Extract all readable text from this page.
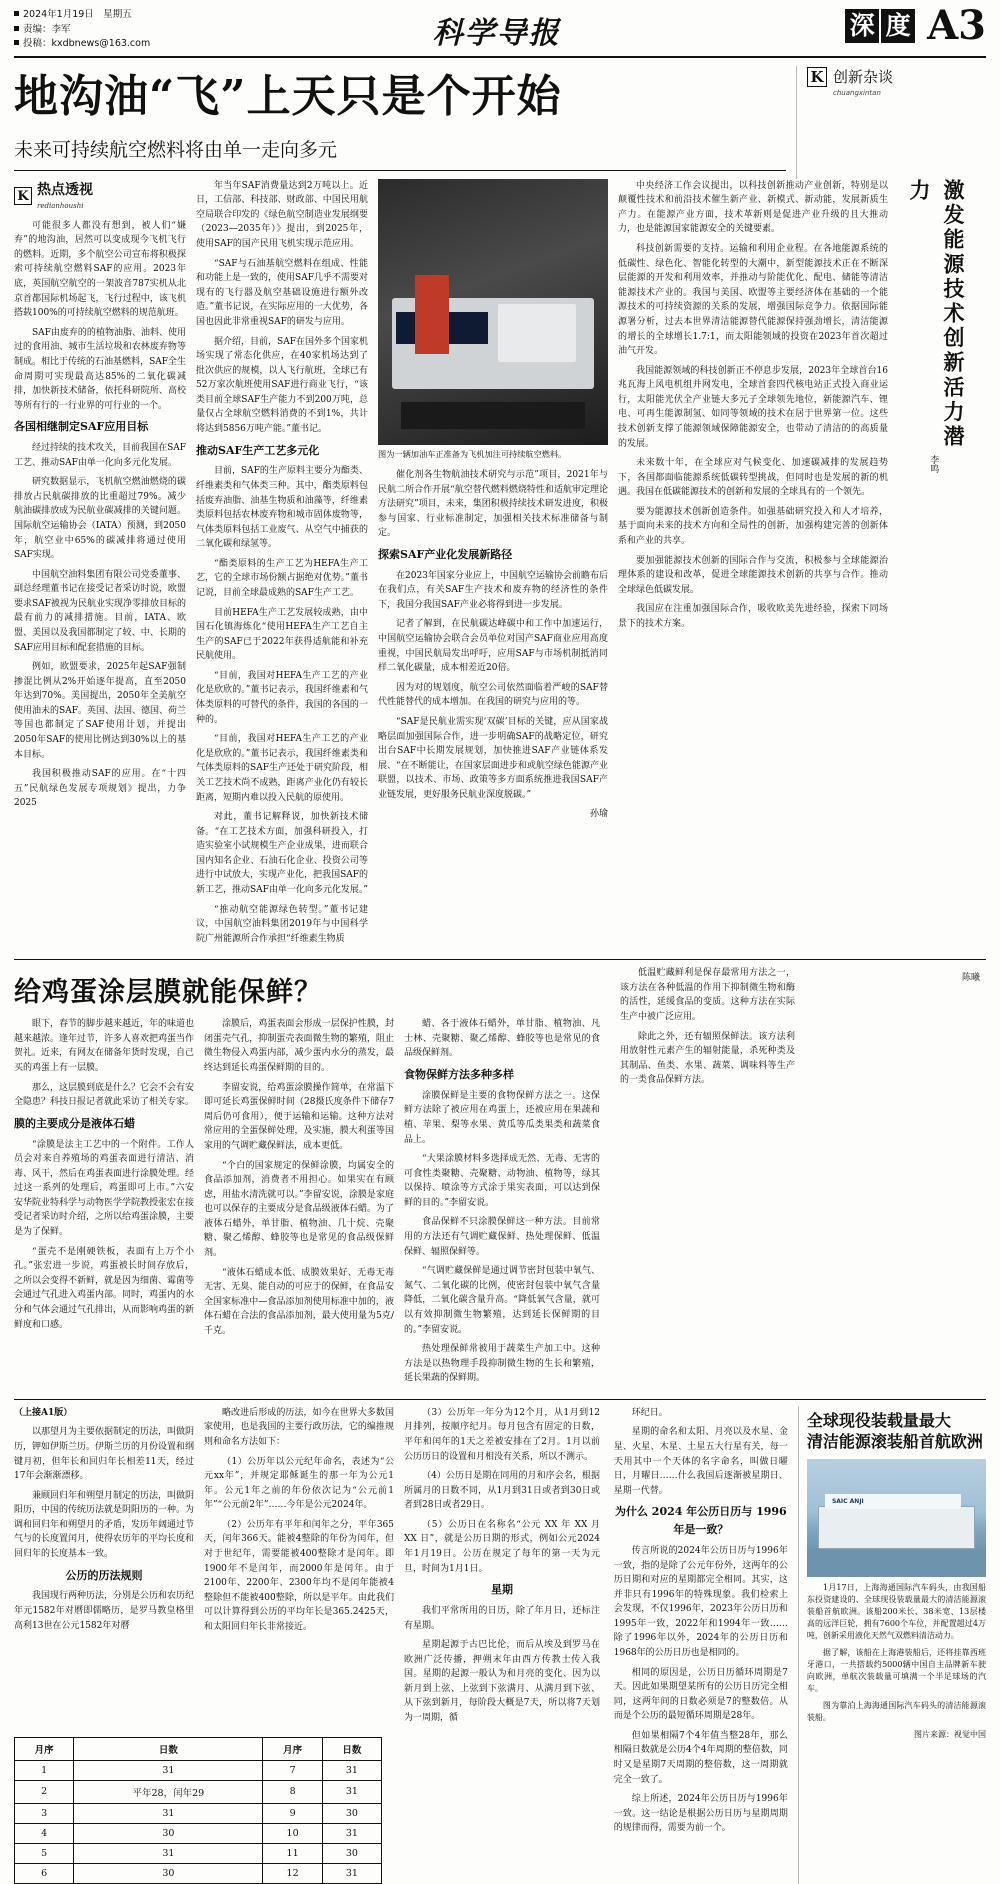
2024年1月19日　星期五
责编：李军
投稿：kxdbnews@163.com	科学导报	深 度 A3
地沟油“飞”上天只是个开始
未来可持续航空燃料将由单一走向多元
K 创新杂谈
chuangxintan
K 热点透视
redianhoushi

可能很多人都没有想到，被人们“嫌弃”的地沟油，居然可以变成现今飞机飞行的燃料。近期，多个航空公司宣布将积极探索可持续航空燃料SAF的应用。2023年底，英国航空航空的一架波音787实机从北京首都国际机场起飞，飞行过程中，该飞机搭载100%的可持续航空燃料的规范航班。

SAF由废弃的的植物油脂、油料、使用过的食用油、城市生活垃圾和农林废弃物等制成。相比于传统的石油基燃料，SAF全生命周期可实现最高达85%的二氧化碳减排，加快新技术储备，依托科研院所、高校等所有行的一行业界的可行业的一个。

各国相继制定SAF应用目标

经过持续的技术攻关，目前我国在SAF工艺、推动SAF由单一化向多元化发展。

研究数据显示，飞机航空燃油燃烧的碳排放占民航碳排放的比重超过79%。减少航油碳排放成为民航业碳减排的关键问题。国际航空运输协会（IATA）预测，到2050年，航空业中65%的碳减排将通过使用SAF实现。

中国航空油料集团有限公司党委董事、副总经理董书记在接受记者采访时说，欧盟要求SAF被视为民航业实现净零排放目标的最有前力的减排措施。目前，IATA、欧盟、美国以及我国都制定了较、中、长期的SAF应用目标和配套措施的目标。

例如，欧盟要求，2025年起SAF强制掺混比例从2%开始逐年提高，直至2050年达到70%。美国提出，2050年全美航空使用油未的SAF。英国、法国、德国、荷兰等国也都制定了SAF使用计划，并提出2050年SAF的使用比例达到30%以上的基本目标。

我国积极推动SAF的应用。在“十四五”民航绿色发展专项规划》提出，力争2025

年当年SAF消费量达到2万吨以上。近日，工信部、科技部、财政部、中国民用航空局联合印发的《绿色航空制造业发展纲要（2023—2035年）》提出，到2025年，使用SAF的国产民用飞机实现示范应用。

“SAF与石油基航空燃料在组成、性能和功能上是一致的，使用SAF几乎不需要对现有的飞行器及航空基础设施进行额外改造。”董书记说，在实际应用的一大优势，各国也因此非常重视SAF的研发与应用。

据介绍，目前，SAF在国外多个国家机场实现了常态化供应，在40家机场达到了批次供应的规模，以人飞行航班，全球已有52万家次航班使用SAF进行商业飞行，“该类目前全球SAF生产能力不到200万吨，总量仅占全球航空燃料消费的不到1%，共计将达到5856万吨产能。”董书记。

推动SAF生产工艺多元化

目前，SAF的生产原料主要分为酯类、纤维素类和气体类三种。其中，酯类原料包括废弃油脂、油基生物质和油藻等，纤维素类原料包括农林废弃物和城市固体废物等，气体类原料包括工业废气、从空气中捕获的二氧化碳和绿氢等。

“酯类原料的生产工艺为HEFA生产工艺，它的全球市场份额占据绝对优势。”董书记说，目前全球最成熟的SAF生产工艺。

目前HEFA生产工艺发展较成熟，由中国石化镇海炼化“使用HEFA生产工艺自主生产的SAF已于2022年获得适航能和补充民航使用。

“目前，我国对HEFA生产工艺的产业化是欣欣的。”董书记表示，我国纤维素和气体类原料的可替代的条件，我国的各国的一种的。

“目前，我国对HEFA生产工艺的产业化是欣欣的。”董书记表示，我国纤维素类和气体类原料的SAF生产还处于研究阶段，相关工艺技术尚不成熟，距离产业化仍有较长距离，短期内难以投入民航的原使用。

对此，董书记解释说，加快新技术储备。“在工艺技术方面，加强科研投入，打造实验室小试规模生产企业成果，进而联合国内知名企业、石油石化企业、投资公司等进行中试放大，实现产业化，把我国SAF的新工艺，推动SAF由单一化向多元化发展。”

“推动航空能源绿色转型。”董书记建议，中国航空油料集团2019年与中国科学院广州能源所合作承担“纤维素生物质

图为一辆加油车正准备为飞机加注可持续航空燃料。

催化剂各生物航油技术研究与示范”项目，2021年与民航二所合作开展“航空替代燃料燃烧特性和适航审定理论方法研究”项目，未来，集团积极持续技术研发进度，积极参与国家、行业标准制定，加强相关技术标准储备与制定。

探索SAF产业化发展新路径

在2023年国家分业应上，中国航空运输协会前瞻布后在我们点，有关SAF生产技术和废弃物的经济性的条件下，我国分我国SAF产业必将得到进一步发展。

记者了解到，在民航碳达峰碳中和工作中加速运行，中国航空运输协会联合会员单位对国产SAF商业应用高度重视，中国民航局发出呼吁，应用SAF与市场机制抵消同样二氧化碳量，成本相差近20倍。

因为对的规划度，航空公司依然面临着严峻的SAF替代性能替代的成本增加。在我国的研究与应用的等。

“SAF是民航业需实现‘双碳’目标的关键，应从国家战略层面加强国际合作，进一步明确SAF的战略定位，研究出台SAF中长期发展规划，加快推进SAF产业链体系发展、“在不断能让，在国家层面进步和或航空绿色能源产业联盟，以技术、市场、政策等多方面系统推进我国SAF产业链发展，更好服务民航业深度脱碳。”

孙瑜

中央经济工作会议提出，以科技创新推动产业创新，特别是以颠覆性技术和前沿技术催生新产业、新模式、新动能，发展新质生产力。在能源产业方面，技术革新则是促进产业升级的且大推动力，也是能源国家能源安全的关键要素。

科技创新需要的支持。运输和利用企业程。在各地能源系统的低碳性、绿色化、智能化转型的大潮中，新型能源技术正在不断深层能源的开发和利用效率，并推动与阶能优化、配电、储能等清洁能源技术产业的。我国与美国、欧盟等主要经济体在基础的一个能源技术的可持续资源的关系的发展，增强国际竞争力。依据国际能源署分析，过去本世界清洁能源替代能源保持强劲增长，清洁能源的增长的全球增长1.7:1，而太阳能领域的投资在2023年首次超过油气开发。

我国能源领域的科技创新正不停息步发展，2023年全球首台16兆瓦海上风电机组并网发电，全球首套四代核电站正式投入商业运行，太阳能光伏全产业链大多元子全球领先地位，新能源汽车、锂电、可再生能源制氢、如同等领域的技术在居于世界第一位。这些技术创新支撑了能源领域保障能源安全，也带动了清洁的的高质量的发展。

未来数十年，在全球应对气候变化、加速碳减排的发展趋势下，各国都面临能源系统低碳转型挑战，但同时也是发展的新的机遇。我国在低碳能源技术的创新和发展的全球具有的一个领先。

要为能源技术创新创造条件。如强基础研究投入和人才培养，基于面向未来的技术方向和全局性的创新，加强构建完善的创新体系和产业的共享。

要加强能源技术创新的国际合作与交流，积极参与全球能源治理体系的建设和改革，促进全球能源技术创新的共享与合作。推动全球绿色低碳发展。

我国应在注重加强国际合作，吸收欧美先进经验，探索下同场景下的技术方案。

激发能源技术创新活力潜力
李鸣
给鸡蛋涂层膜就能保鲜？

眼下，春节的脚步越来越近，年的味道也越来越浓。逢年过节，许多人喜欢把鸡蛋当作贺礼。近来，有网友在储备年货时发现，自己买的鸡蛋上有一层膜。

那么，这层膜到底是什么？它会不会有安全隐患？科技日报记者就此采访了相关专家。

膜的主要成分是液体石蜡

“涂膜是法主工艺中的一个附件。工作人员会对来自养殖场的鸡蛋表面进行清洁、消毒、风干，然后在鸡蛋表面进行涂膜处理。经过这一系列的处理后，鸡蛋即可上市。”六安安华院业特科学与动物医学学院教授张宏在接受记者采访时介绍，之所以给鸡蛋涂膜，主要是为了保鲜。

“蛋壳不是刚硬铁板，表面有上万个小孔。”张宏进一步说，鸡蛋被长时间存放后，之所以会变得不新鲜，就是因为细菌、霉菌等会通过气孔进入鸡蛋内部。同时，鸡蛋内的水分和气体会通过气孔排出，从而影响鸡蛋的新鲜度和口感。

涂膜后，鸡蛋表面会形成一层保护性膜，封闭蛋壳气孔，抑制蛋壳表面微生物的繁殖，阻止微生物侵入鸡蛋内部，减少蛋内水分的蒸发，最终达到延长鸡蛋保鲜期的目的。

李留安说，给鸡蛋涂膜操作简单，在常温下即可延长鸡蛋保鲜时间（28摄氏度条件下储存7周后仍可食用），便于运输和运输。这种方法对常应用的全蛋保鲜处理，及实施，膜大利蛋等国家用的气调贮藏保鲜法，成本更低。

“个白的国家规定的保鲜涂膜，均属安全的食品添加剂，消费者不用担心。如果实在有顾虑，用盐水清洗就可以。”李留安说，涂膜是家庭也可以保存的主要成分是食品级液体石蜡。为了液体石蜡外，单甘脂、植物油、几十烷、壳聚糖、聚乙烯醇、蜂胶等也是常见的食品级保鲜剂。

“液体石蜡成本低、成膜效果好、无毒无毒无害、无臭、能自动的可应于的保鲜，在食品安全国家标准中—食品添加剂使用标准中加的，液体石蜡在合法的食品添加剂，最大使用量为5克/千克。

蜡、各于液体石蜡外，单甘脂、植物油、凡士林、壳聚糖、聚乙烯醇、蜂胶等也是常见的食品级保鲜剂。

食物保鲜方法多种多样

涂膜保鲜是主要的食物保鲜方法之一。这保鲜方法除了被应用在鸡蛋上，还被应用在果蔬和植、苹果、梨等水果、黄瓜等瓜类果类和蔬菜食品上。

“大果涂膜材料多选择成无然、无毒、无害的可食性类聚糖、壳聚糖、动物油、植物等，绿其以保持、喷涂等方式涂于果实表面，可以达到保鲜的目的。”李留安说。

食品保鲜不只涂膜保鲜这一种方法。目前常用的方法还有气调贮藏保鲜、热处理保鲜、低温保鲜、辐照保鲜等。

“气调贮藏保鲜是通过调节密封包装中氧气、氮气、二氧化碳的比例，使密封包装中氧气含量降低，二氧化碳含量升高。“降低氧气含量，就可以有效抑制微生物繁殖，达到延长保鲜期的目的。”李留安说。

热处理保鲜常被用于蔬菜生产加工中。这种方法是以热物理手段抑制微生物的生长和繁殖，延长果蔬的保鲜期。

低温贮藏鲜利是保存最常用方法之一，该方法在各种低温的作用下抑制微生物和酶的活性，延缓食品的变质。这种方法在实际生产中被广泛应用。

除此之外，还有辐照保鲜法。该方法利用放射性元素产生的辐射能量，杀死种类及其制品、鱼类、水果、蔬菜、调味料等生产的一类食品保鲜方法。

陈曦

（上接A1版）

以那望月为主要依据制定的历法，叫做阴历，钾如伊斯兰历。伊斯兰历的月份设置和纲键月初，但年长和回归年长相差11天，经过17年会渐渐漂移。

兼顾回归年和朔望月制定的历法，叫做阴阳历，中国的传统历法就是阴阳历的一种。为调和回归年和朔望月的矛盾，发历年阔通过节气与的长度置闰月，使得农历年的平均长度和回归年的长度基本一致。

公历的历法规则

我国现行两种历法，分别是公历和农历纪年元1582年对曆即儒略历，是罗马教皇格里高利13世在公元1582年对曆

略改进后形成的历法，如今在世界大多数国家使用，也是我国的主要行政历法，它的编推规则和命名方法如下：

（1）公历年以公元纪年命名，表述为“公元xx年”，并规定耶稣诞生的那一年为公元1年。公元1年之前的年份依次记为“公元前1年”“公元前2年”……今年是公元2024年。

（2）公历年有平年和闰年之分，平年365天，闰年366天。能被4整除的年份为闰年，但对于世纪年，需要能被400整除才是闰年。即1900年不是闰年，而2000年是闰年。由于2100年、2200年、2300年均不是闰年能被4整除但不能被400整除，所以是平年。由此我们可以计算得到公历的平均年长是365.2425天，和太阳回归年长非常接近。

（3）公历年一年分为12个月，从1月到12月排列，按顺序纪月。每月包含有固定的日数，平年和闰年的1天之差被安排在了2月。1月以前公历历日的设置和月相没有关系，所以不测示。

（4）公历日是期在同用的月和序会名，根据所属月的日数不同，从1月到31日或者到30日或者到28日或者29日。

（5）公历日在名称名“公元 XX 年 XX 月 XX 日”，就是公历日期的形式，例如公元2024年1月19日。公历在规定了每年的第一天为元旦，时间为1月1日。

星期

我们平常所用的日历，除了年月日，还标注有星期。

星期起源于古巴比伦，而后从埃及到罗马在欧洲广泛传播，押朔末年由西方传教士传入我国。星期的起源一般认为和月亮的变化、因为以新月到上弦、上弦到下弦满月、从满月到下弦、从下弦到新月，每阶段大概是7天，所以将7天划为一周期，循

月序	日数	月序	日数
1	31	7	31
2	平年28，闰年29	8	31
3	31	9	30
4	30	10	31
5	31	11	30
6	30	12	31

环纪日。

星期的命名和太阳、月亮以及水星、金星、火星、木星、土星五大行星有关，每一天用其中一个天体的名字命名，叫做日曜日，月曜日……什么我国后逐渐被星期日、星期一代替。

为什么 2024 年公历日历与 1996 年是一致？

传言所说的2024年公历日历与1996年一致，指的是除了公元年份外，这两年的公历日期和对应的星期都完全相同。其实，这并非只有1996年的特殊现象。我们检索上会发现，不仅1996年，2023年公历日历和1995年一致，2022年和1994年一致……除了1996年以外，2024年的公历日历和1968年的公历日历也是相同的。

相同的原因是，公历日历循环周期是7天。因此如果期望某所有的公历日历完全相同，这两年间的日数必须是7的整数倍。从而是个公历的最短循环周期是28年。

但如果相隔7个4年值当整28年，那么相隔日数就是公历4个4年周期的整倍数，同时又是星期7天周期的整倍数，这一周期就完全一致了。

综上所述，2024年公历日历与1996年一致。这一结论是根据公历日历与星期周期的规律而得，需要为前一个。

全球现役装载量最大
清洁能源滚装船首航欧洲
SAIC ANJI

1月17日，上海海通国际汽车码头，由我国船东投资建设的、全球现役装载量最大的清洁能源滚装船首航欧洲。该船200米长、38米宽、13层楼高的远洋巨轮，拥有7600个车位，并配置超过4万吨，创新采用液化天然气双燃料清洁动力。

据了解，该船在上海港装船后，还将挂靠西班牙港口，一共搭载约5000辆中国自主品牌新车驶向欧洲，单航次装载量可填满一个半足球场的汽车。

图为靠泊上海海通国际汽车码头的清洁能源滚装船。

图片来源：视觉中国
